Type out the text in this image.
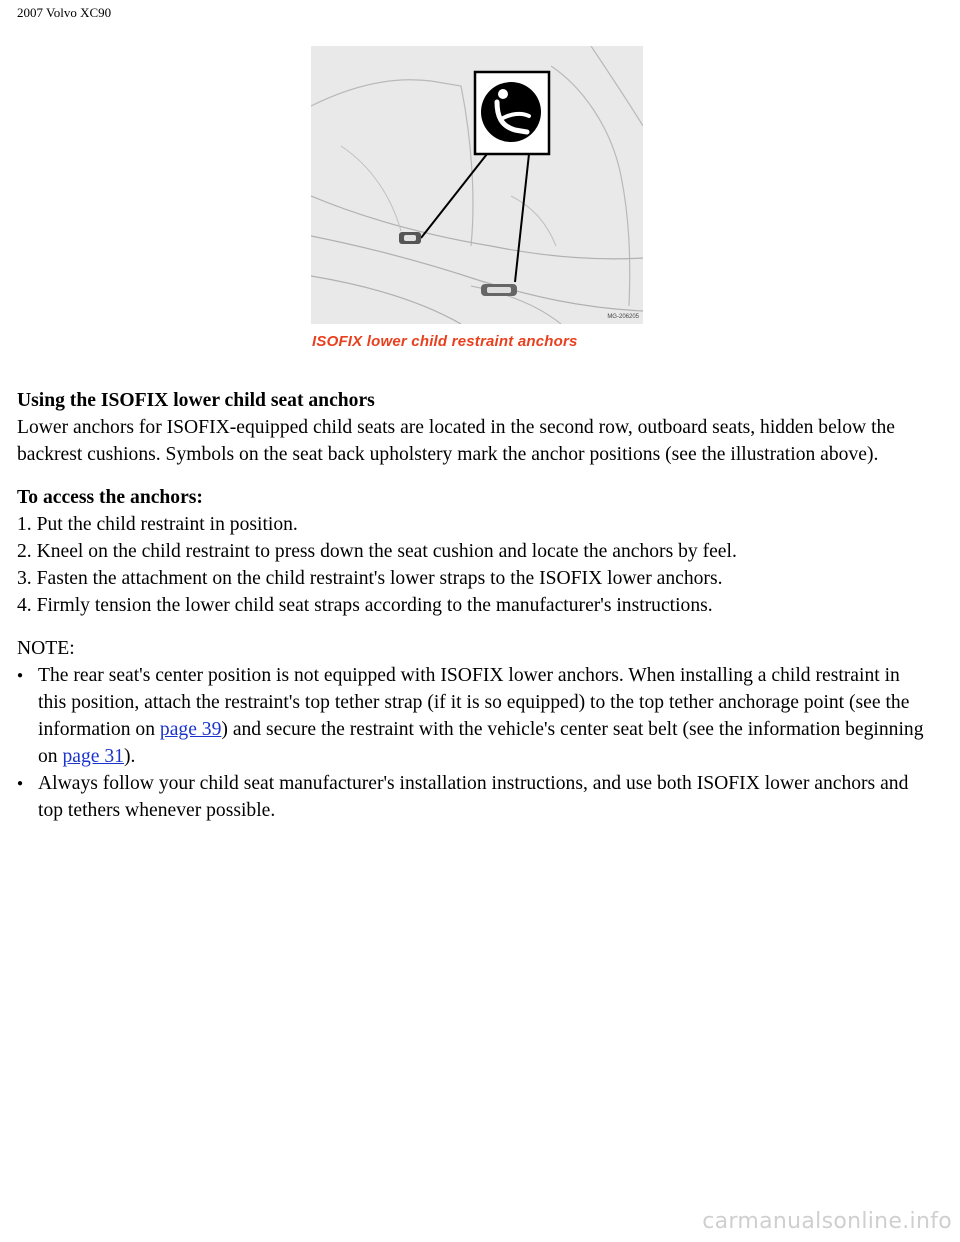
2007 Volvo XC90
MG-206205
ISOFIX lower child restraint anchors

Using the ISOFIX lower child seat anchors

Lower anchors for ISOFIX-equipped child seats are located in the second row, outboard seats, hidden below the backrest cushions. Symbols on the seat back upholstery mark the anchor positions (see the illustration above).

To access the anchors:

1. Put the child restraint in position.

2. Kneel on the child restraint to press down the seat cushion and locate the anchors by feel.

3. Fasten the attachment on the child restraint's lower straps to the ISOFIX lower anchors.

4. Firmly tension the lower child seat straps according to the manufacturer's instructions.

NOTE:

● The rear seat's center position is not equipped with ISOFIX lower anchors. When installing a child restraint in this position, attach the restraint's top tether strap (if it is so equipped) to the top tether anchorage point (see the information on page 39) and secure the restraint with the vehicle's center seat belt (see the information beginning on page 31).

● Always follow your child seat manufacturer's installation instructions, and use both ISOFIX lower anchors and top tethers whenever possible.

carmanualsonline.info
